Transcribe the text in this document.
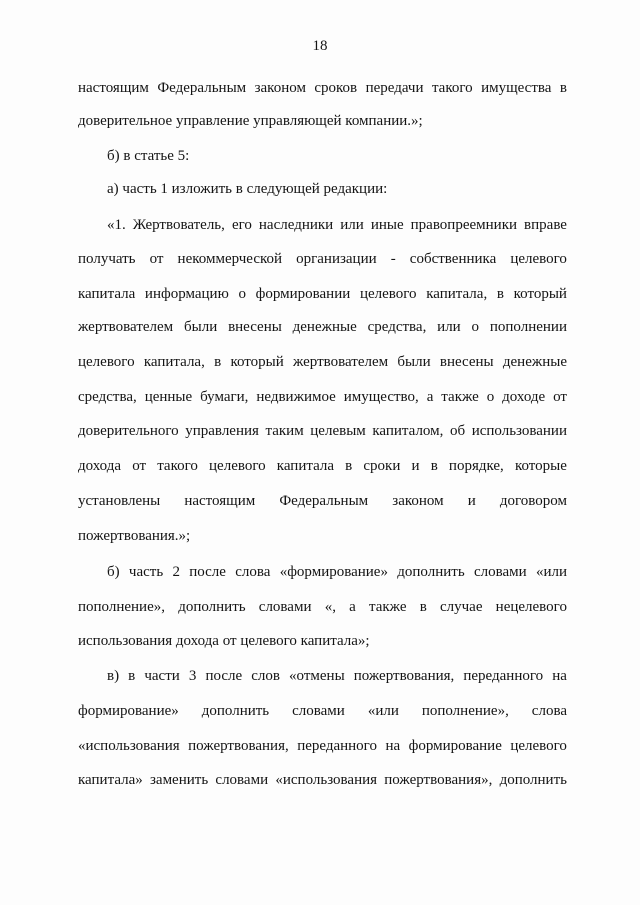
18
настоящим Федеральным законом сроков передачи такого имущества в
доверительное управление управляющей компании.»;
б) в статье 5:
а) часть 1 изложить в следующей редакции:
«1. Жертвователь, его наследники или иные правопреемники вправе
получать от некоммерческой организации - собственника целевого
капитала информацию о формировании целевого капитала, в который
жертвователем были внесены денежные средства, или о пополнении
целевого капитала, в который жертвователем были внесены денежные
средства, ценные бумаги, недвижимое имущество, а также о доходе от
доверительного управления таким целевым капиталом, об использовании
дохода от такого целевого капитала в сроки и в порядке, которые
установлены настоящим Федеральным законом и договором
пожертвования.»;
б) часть 2 после слова «формирование» дополнить словами «или
пополнение», дополнить словами «, а также в случае нецелевого
использования дохода от целевого капитала»;
в) в части 3 после слов «отмены пожертвования, переданного на
формирование» дополнить словами «или пополнение», слова
«использования пожертвования, переданного на формирование целевого
капитала» заменить словами «использования пожертвования», дополнить
